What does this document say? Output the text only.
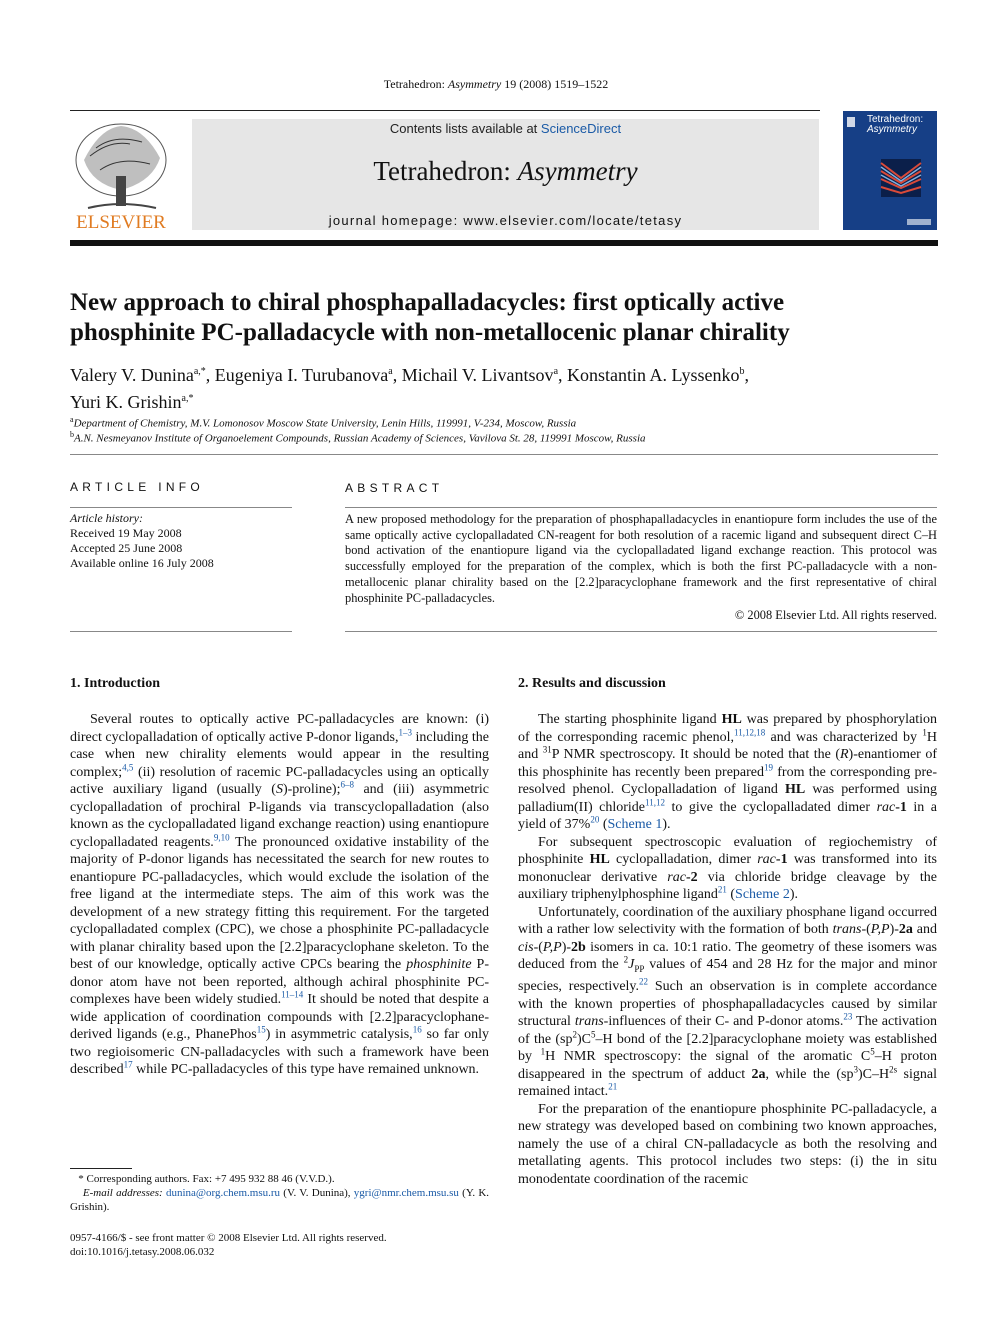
Tetrahedron: Asymmetry 19 (2008) 1519–1522
ELSEVIER
Contents lists available at ScienceDirect
Tetrahedron: Asymmetry
journal homepage: www.elsevier.com/locate/tetasy
Tetrahedron:
Asymmetry
New approach to chiral phosphapalladacycles: first optically active
phosphinite PC-palladacycle with non-metallocenic planar chirality
Valery V. Dunina$^{a,*}$, Eugeniya I. Turubanova$^a$, Michail V. Livantsov$^a$, Konstantin A. Lyssenko$^b$,
Yuri K. Grishin$^{a,*}$
$^a$Department of Chemistry, M.V. Lomonosov Moscow State University, Lenin Hills, 119991, V-234, Moscow, Russia
$^b$A.N. Nesmeyanov Institute of Organoelement Compounds, Russian Academy of Sciences, Vavilova St. 28, 119991 Moscow, Russia
ARTICLE INFO
Article history:
Received 19 May 2008
Accepted 25 June 2008
Available online 16 July 2008
ABSTRACT
A new proposed methodology for the preparation of phosphapalladacycles in enantiopure form includes the use of the same optically active cyclopalladated CN-reagent for both resolution of a racemic ligand and subsequent direct C–H bond activation of the enantiopure ligand via the cyclopalladated ligand exchange reaction. This protocol was successfully employed for the preparation of the complex, which is both the first PC-palladacycle with a non-metallocenic planar chirality based on the [2.2]paracyclophane framework and the first representative of chiral phosphinite PC-palladacycles.
© 2008 Elsevier Ltd. All rights reserved.
1. Introduction

Several routes to optically active PC-palladacycles are known: (i) direct cyclopalladation of optically active P-donor ligands,$^{1-3}$ including the case when new chirality elements would appear in the resulting complex;$^{4,5}$ (ii) resolution of racemic PC-palladacycles using an optically active auxiliary ligand (usually (S)-proline);$^{6-8}$ and (iii) asymmetric cyclopalladation of prochiral P-ligands via transcyclopalladation (also known as the cyclopalladated ligand exchange reaction) using enantiopure cyclopalladated reagents.$^{9,10}$ The pronounced oxidative instability of the majority of P-donor ligands has necessitated the search for new routes to enantiopure PC-palladacycles, which would exclude the isolation of the free ligand at the intermediate steps. The aim of this work was the development of a new strategy fitting this requirement. For the targeted cyclopalladated complex (CPC), we chose a phosphinite PC-palladacycle with planar chirality based upon the [2.2]paracyclophane skeleton. To the best of our knowledge, optically active CPCs bearing the phosphinite P-donor atom have not been reported, although achiral phosphinite PC-complexes have been widely studied.$^{11-14}$ It should be noted that despite a wide application of coordination compounds with [2.2]paracyclophane-derived ligands (e.g., PhanePhos$^{15}$) in asymmetric catalysis,$^{16}$ so far only two regioisomeric CN-palladacycles with such a framework have been described$^{17}$ while PC-palladacycles of this type have remained unknown.

2. Results and discussion

The starting phosphinite ligand HL was prepared by phosphorylation of the corresponding racemic phenol,$^{11,12,18}$ and was characterized by $^1$H and $^{31}$P NMR spectroscopy. It should be noted that the (R)-enantiomer of this phosphinite has recently been prepared$^{19}$ from the corresponding pre-resolved phenol. Cyclopalladation of ligand HL was performed using palladium(II) chloride$^{11,12}$ to give the cyclopalladated dimer rac-1 in a yield of 37%$^{20}$ (Scheme 1).

For subsequent spectroscopic evaluation of regiochemistry of phosphinite HL cyclopalladation, dimer rac-1 was transformed into its mononuclear derivative rac-2 via chloride bridge cleavage by the auxiliary triphenylphosphine ligand$^{21}$ (Scheme 2).

Unfortunately, coordination of the auxiliary phosphane ligand occurred with a rather low selectivity with the formation of both trans-(P,P)-2a and cis-(P,P)-2b isomers in ca. 10:1 ratio. The geometry of these isomers was deduced from the $^2J_{PP}$ values of 454 and 28 Hz for the major and minor species, respectively.$^{22}$ Such an observation is in complete accordance with the known properties of phosphapalladacycles caused by similar structural trans-influences of their C- and P-donor atoms.$^{23}$ The activation of the $(sp^2)C^5-H$ bond of the [2.2]paracyclophane moiety was established by $^1$H NMR spectroscopy: the signal of the aromatic $C^5-H$ proton disappeared in the spectrum of adduct 2a, while the $(sp^3)C-H^{2s}$ signal remained intact.$^{21}$

For the preparation of the enantiopure phosphinite PC-palladacycle, a new strategy was developed based on combining two known approaches, namely the use of a chiral CN-palladacycle as both the resolving and metallating agents. This protocol includes two steps: (i) the in situ monodentate coordination of the racemic

* Corresponding authors. Fax: +7 495 932 88 46 (V.V.D.).
E-mail addresses: dunina@org.chem.msu.ru (V. V. Dunina), ygri@nmr.chem.msu.su (Y. K. Grishin).
0957-4166/$ - see front matter © 2008 Elsevier Ltd. All rights reserved.
doi:10.1016/j.tetasy.2008.06.032
